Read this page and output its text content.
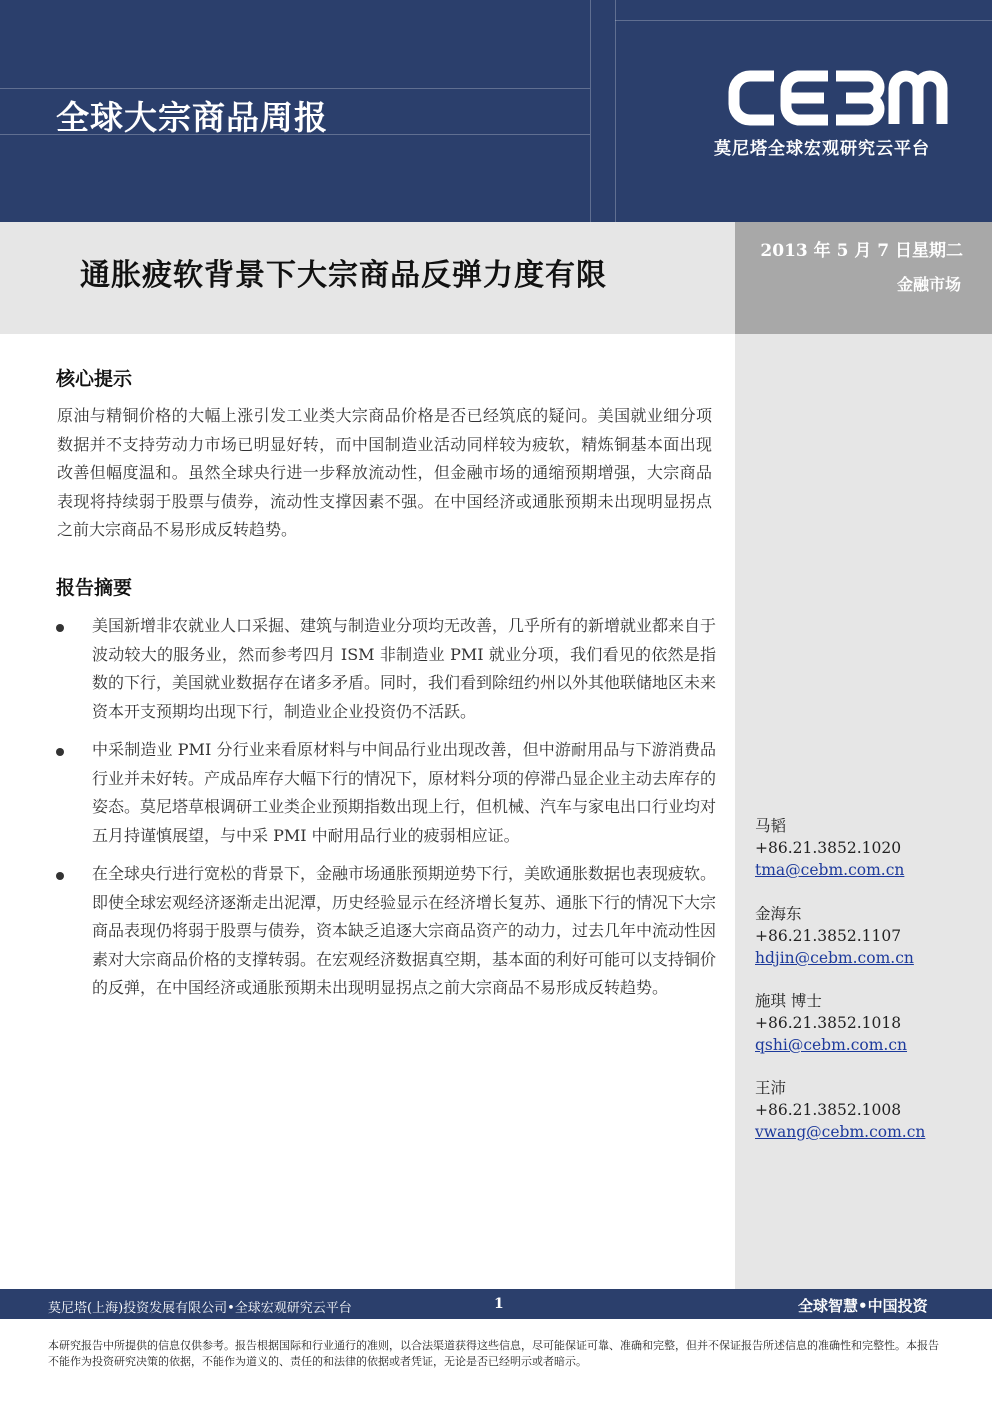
全球大宗商品周报
莫尼塔全球宏观研究云平台
通胀疲软背景下大宗商品反弹力度有限
2013 年 5 月 7 日星期二
金融市场
核心提示

原油与精铜价格的大幅上涨引发工业类大宗商品价格是否已经筑底的疑问。美国就业细分项数据并不支持劳动力市场已明显好转，而中国制造业活动同样较为疲软，精炼铜基本面出现改善但幅度温和。虽然全球央行进一步释放流动性，但金融市场的通缩预期增强，大宗商品表现将持续弱于股票与债券，流动性支撑因素不强。在中国经济或通胀预期未出现明显拐点之前大宗商品不易形成反转趋势。

报告摘要
美国新增非农就业人口采掘、建筑与制造业分项均无改善，几乎所有的新增就业都来自于波动较大的服务业，然而参考四月 ISM 非制造业 PMI 就业分项，我们看见的依然是指数的下行，美国就业数据存在诸多矛盾。同时，我们看到除纽约州以外其他联储地区未来资本开支预期均出现下行，制造业企业投资仍不活跃。
中采制造业 PMI 分行业来看原材料与中间品行业出现改善，但中游耐用品与下游消费品行业并未好转。产成品库存大幅下行的情况下，原材料分项的停滞凸显企业主动去库存的姿态。莫尼塔草根调研工业类企业预期指数出现上行，但机械、汽车与家电出口行业均对五月持谨慎展望，与中采 PMI 中耐用品行业的疲弱相应证。
在全球央行进行宽松的背景下，金融市场通胀预期逆势下行，美欧通胀数据也表现疲软。即使全球宏观经济逐渐走出泥潭，历史经验显示在经济增长复苏、通胀下行的情况下大宗商品表现仍将弱于股票与债券，资本缺乏追逐大宗商品资产的动力，过去几年中流动性因素对大宗商品价格的支撑转弱。在宏观经济数据真空期，基本面的利好可能可以支持铜价的反弹，在中国经济或通胀预期未出现明显拐点之前大宗商品不易形成反转趋势。
马韬
+86.21.3852.1020
tma@cebm.com.cn
金海东
+86.21.3852.1107
hdjin@cebm.com.cn
施琪 博士
+86.21.3852.1018
qshi@cebm.com.cn
王沛
+86.21.3852.1008
vwang@cebm.com.cn
莫尼塔(上海)投资发展有限公司•全球宏观研究云平台	1	全球智慧•中国投资

本研究报告中所提供的信息仅供参考。报告根据国际和行业通行的准则，以合法渠道获得这些信息，尽可能保证可靠、准确和完整，但并不保证报告所述信息的准确性和完整性。本报告不能作为投资研究决策的依据，不能作为道义的、责任的和法律的依据或者凭证，无论是否已经明示或者暗示。
